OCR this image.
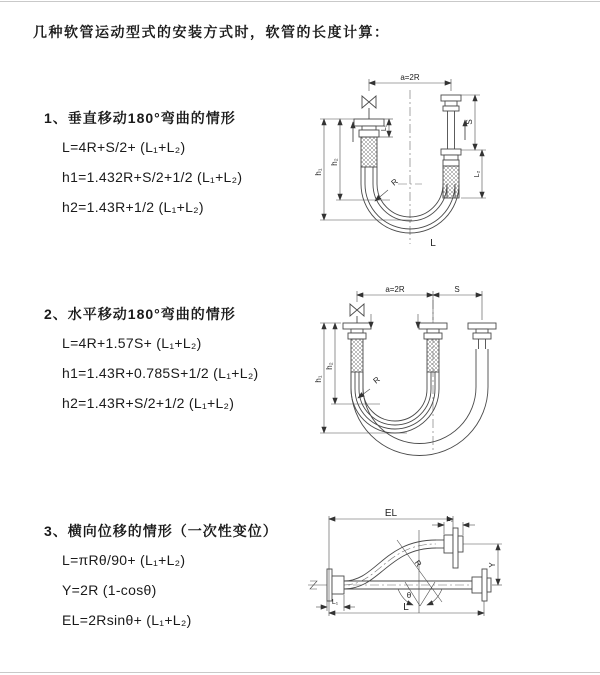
几种软管运动型式的安装方式时，软管的长度计算：
1、垂直移动180°弯曲的情形
L=4R+S/2+ (L₁+L₂)
h1=1.432R+S/2+1/2 (L₁+L₂)
h2=1.43R+1/2 (L₁+L₂)
a=2R
h₁
h₂
L₁
S
L₂
R
L
2、水平移动180°弯曲的情形
L=4R+1.57S+ (L₁+L₂)
h1=1.43R+0.785S+1/2 (L₁+L₂)
h2=1.43R+S/2+1/2 (L₁+L₂)
a=2R	S
h₁
h₂
R
3、横向位移的情形（一次性变位）
L=πRθ/90+ (L₁+L₂)
Y=2R (1-cosθ)
EL=2Rsinθ+ (L₁+L₂)
EL
L₂
L₁	L
Y
R
θ
